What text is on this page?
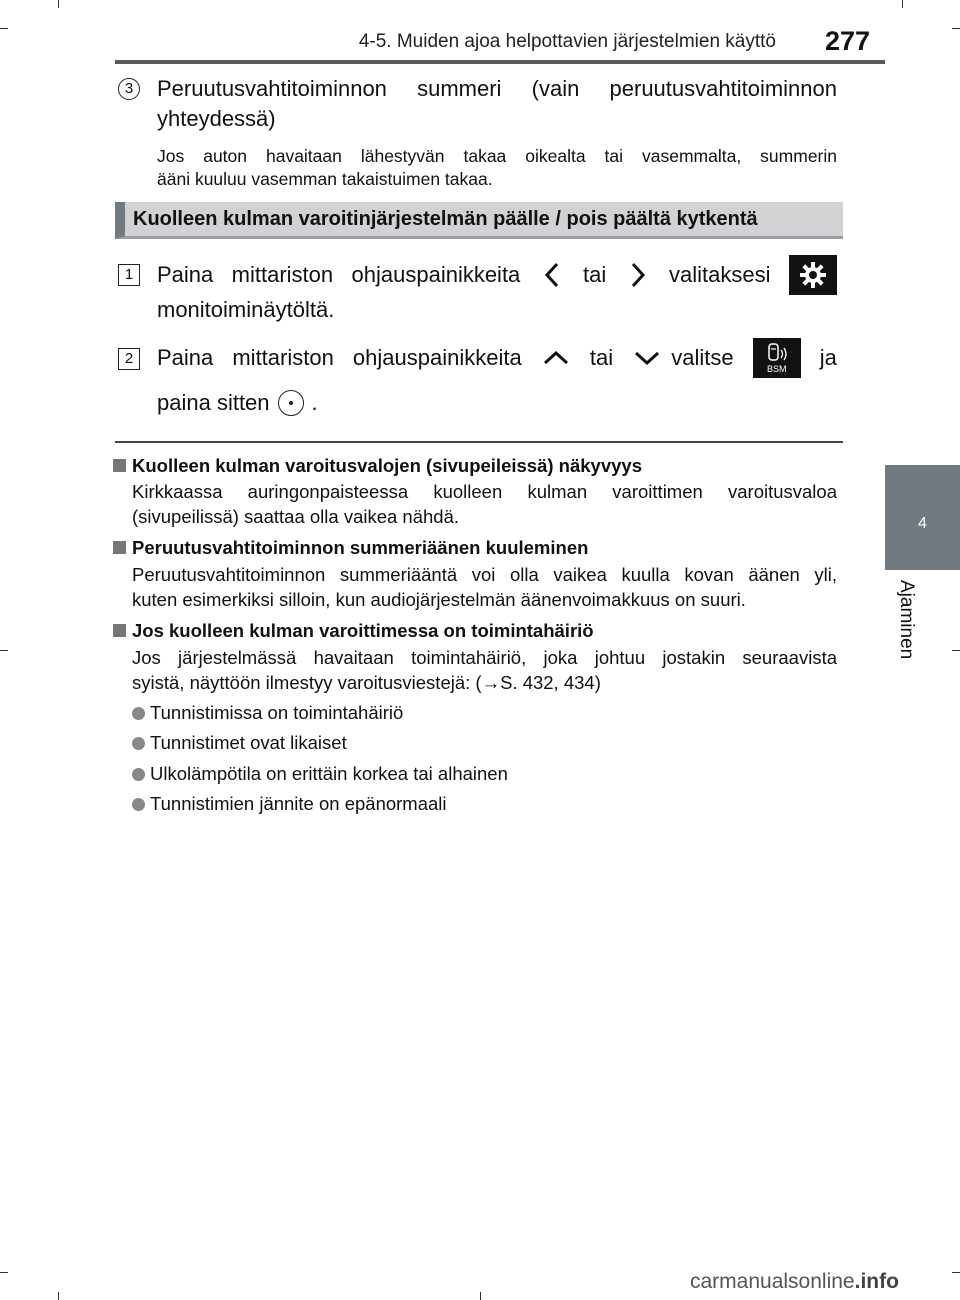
4-5. Muiden ajoa helpottavien järjestelmien käyttö 277
4
Ajaminen
3	Peruutusvahtitoiminnon summeri (vain peruutusvahtitoiminnon
yhteydessä)
Jos auton havaitaan lähestyvän takaa oikealta tai vasemmalta, summerin
ääni kuuluu vasemman takaistuimen takaa.
Kuolleen kulman varoitinjärjestelmän päälle / pois päältä kytkentä
1	Paina mittariston ohjauspainikkeita	tai	valitaksesi
monitoiminäytöltä.
2	Paina mittariston ohjauspainikkeita	tai	valitse	BSM ja
paina sitten .
Kuolleen kulman varoitusvalojen (sivupeileissä) näkyvyys
Kirkkaassa auringonpaisteessa kuolleen kulman varoittimen varoitusvaloa
(sivupeilissä) saattaa olla vaikea nähdä.
Peruutusvahtitoiminnon summeriäänen kuuleminen
Peruutusvahtitoiminnon summeriääntä voi olla vaikea kuulla kovan äänen yli,
kuten esimerkiksi silloin, kun audiojärjestelmän äänenvoimakkuus on suuri.
Jos kuolleen kulman varoittimessa on toimintahäiriö
Jos järjestelmässä havaitaan toimintahäiriö, joka johtuu jostakin seuraavista
syistä, näyttöön ilmestyy varoitusviestejä: (→S. 432, 434)
Tunnistimissa on toimintahäiriö
Tunnistimet ovat likaiset
Ulkolämpötila on erittäin korkea tai alhainen
Tunnistimien jännite on epänormaali
carmanualsonline.info
